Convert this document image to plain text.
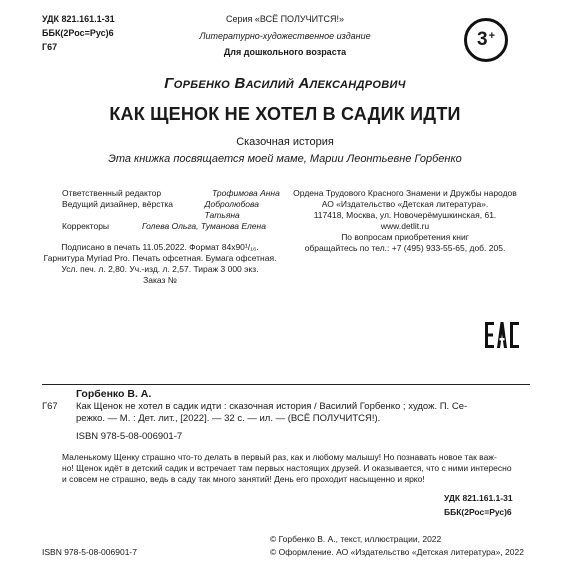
УДК 821.161.1-31
ББК(2Рос=Рус)6
Г67
Серия «ВСЁ ПОЛУЧИТСЯ!»
Литературно-художественное издание
Для дошкольного возраста
3+
Горбенко Василий Александрович
КАК ЩЕНОК НЕ ХОТЕЛ В САДИК ИДТИ
Сказочная история
Эта книжка посвящается моей маме, Марии Леонтьевне Горбенко
Ответственный редактор	Трофимова Анна
Ведущий дизайнер, вёрстка	Добролюбова Татьяна
Корректоры	Голева Ольга, Туманова Елена
Ордена Трудового Красного Знамени и Дружбы народов
АО «Издательство «Детская литература».
117418, Москва, ул. Новочерёмушкинская, 61.
www.detlit.ru
По вопросам приобретения книг
обращайтесь по тел.: +7 (495) 933-55-65, доб. 205.
Подписано в печать 11.05.2022. Формат 84х90¹/₁₆.
Гарнитура Myriad Pro. Печать офсетная. Бумага офсетная.
Усл. печ. л. 2,80. Уч.-изд. л. 2,57. Тираж 3 000 экз.
Заказ №
Горбенко В. А.
Г67 Как Щенок не хотел в садик идти : сказочная история / Василий Горбенко ; худож. П. Се-
режко. — М. : Дет. лит., [2022]. — 32 с. — ил. — (ВСЁ ПОЛУЧИТСЯ!).
ISBN 978-5-08-006901-7
Маленькому Щенку страшно что-то делать в первый раз, как и любому малышу! Но познавать новое так важ-
но! Щенок идёт в детский садик и встречает там первых настоящих друзей. И оказывается, что с ними интересно
и совсем не страшно, ведь в саду так много занятий! День его проходит насыщенно и ярко!
УДК 821.161.1-31
ББК(2Рос=Рус)6
ISBN 978-5-08-006901-7
© Горбенко В. А., текст, иллюстрации, 2022
© Оформление. АО «Издательство «Детская литература», 2022
